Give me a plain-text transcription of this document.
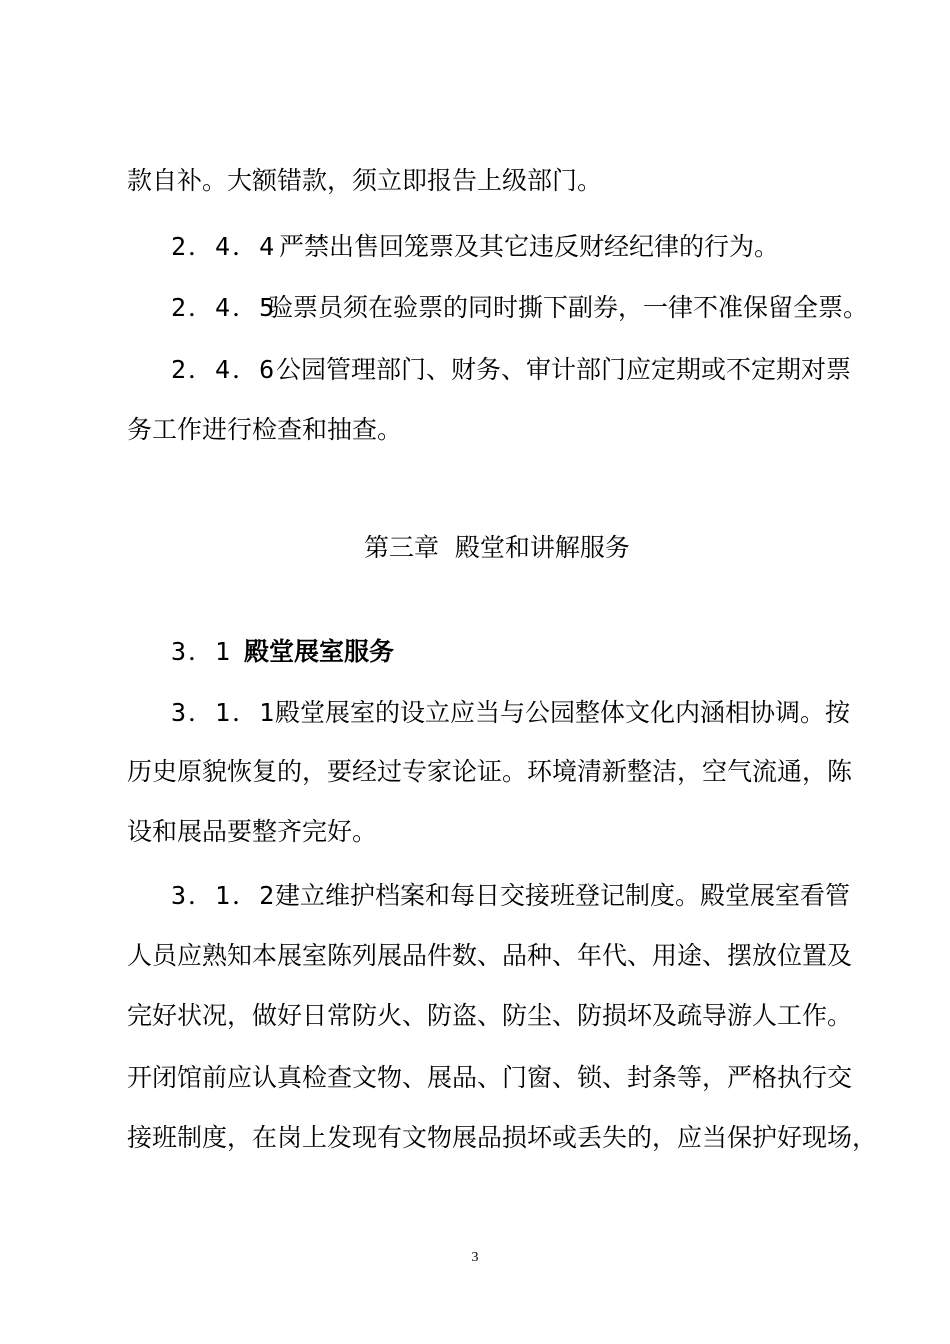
款自补。大额错款，须立即报告上级部门。

2．4．4

严禁出售回笼票及其它违反财经纪律的行为。

2．4．5

验票员须在验票的同时撕下副券，一律不准保留全票。

2．4．6

公园管理部门、财务、审计部门应定期或不定期对票

务工作进行检查和抽查。

第三章  殿堂和讲解服务

3．1

殿堂展室服务

3．1．1

殿堂展室的设立应当与公园整体文化内涵相协调。按

历史原貌恢复的，要经过专家论证。环境清新整洁，空气流通，陈

设和展品要整齐完好。

3．1．2

建立维护档案和每日交接班登记制度。殿堂展室看管

人员应熟知本展室陈列展品件数、品种、年代、用途、摆放位置及

完好状况，做好日常防火、防盗、防尘、防损坏及疏导游人工作。

开闭馆前应认真检查文物、展品、门窗、锁、封条等，严格执行交

接班制度，在岗上发现有文物展品损坏或丢失的，应当保护好现场，

3
